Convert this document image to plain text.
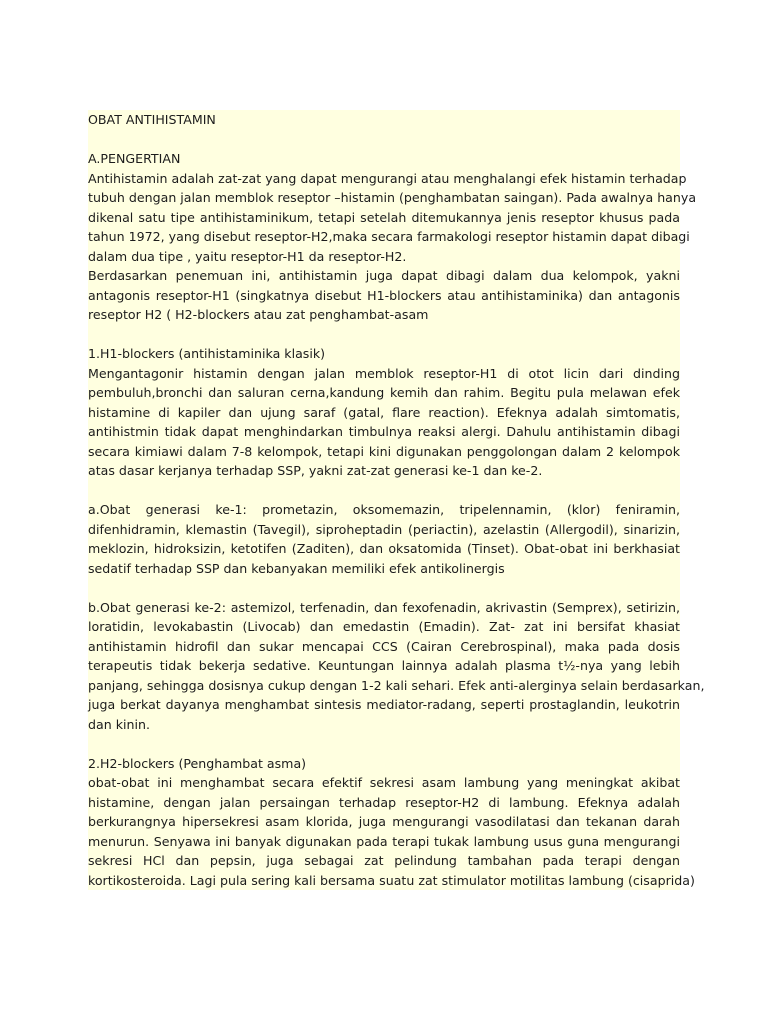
OBAT ANTIHISTAMIN
A.PENGERTIAN
Antihistamin adalah zat-zat yang dapat mengurangi atau menghalangi efek histamin terhadap
tubuh dengan jalan memblok reseptor –histamin (penghambatan saingan). Pada awalnya hanya
dikenal satu tipe antihistaminikum, tetapi setelah ditemukannya jenis reseptor khusus pada
tahun 1972, yang disebut reseptor-H2,maka secara farmakologi reseptor histamin dapat dibagi
dalam dua tipe , yaitu reseptor-H1 da reseptor-H2.
Berdasarkan penemuan ini, antihistamin juga dapat dibagi dalam dua kelompok, yakni
antagonis reseptor-H1 (singkatnya disebut H1-blockers atau antihistaminika) dan antagonis
reseptor H2 ( H2-blockers atau zat penghambat-asam
1.H1-blockers (antihistaminika klasik)
Mengantagonir histamin dengan jalan memblok reseptor-H1 di otot licin dari dinding
pembuluh,bronchi dan saluran cerna,kandung kemih dan rahim. Begitu pula melawan efek
histamine di kapiler dan ujung saraf (gatal, flare reaction). Efeknya adalah simtomatis,
antihistmin tidak dapat menghindarkan timbulnya reaksi alergi. Dahulu antihistamin dibagi
secara kimiawi dalam 7-8 kelompok, tetapi kini digunakan penggolongan dalam 2 kelompok
atas dasar kerjanya terhadap SSP, yakni zat-zat generasi ke-1 dan ke-2.
a.Obat generasi ke-1: prometazin, oksomemazin, tripelennamin, (klor) feniramin,
difenhidramin, klemastin (Tavegil), siproheptadin (periactin), azelastin (Allergodil), sinarizin,
meklozin, hidroksizin, ketotifen (Zaditen), dan oksatomida (Tinset). Obat-obat ini berkhasiat
sedatif terhadap SSP dan kebanyakan memiliki efek antikolinergis
b.Obat generasi ke-2: astemizol, terfenadin, dan fexofenadin, akrivastin (Semprex), setirizin,
loratidin, levokabastin (Livocab) dan emedastin (Emadin). Zat- zat ini bersifat khasiat
antihistamin hidrofil dan sukar mencapai CCS (Cairan Cerebrospinal), maka pada dosis
terapeutis tidak bekerja sedative. Keuntungan lainnya adalah plasma t½-nya yang lebih
panjang, sehingga dosisnya cukup dengan 1-2 kali sehari. Efek anti-alerginya selain berdasarkan,
juga berkat dayanya menghambat sintesis mediator-radang, seperti prostaglandin, leukotrin
dan kinin.
2.H2-blockers (Penghambat asma)
obat-obat ini menghambat secara efektif sekresi asam lambung yang meningkat akibat
histamine, dengan jalan persaingan terhadap reseptor-H2 di lambung. Efeknya adalah
berkurangnya hipersekresi asam klorida, juga mengurangi vasodilatasi dan tekanan darah
menurun. Senyawa ini banyak digunakan pada terapi tukak lambung usus guna mengurangi
sekresi HCl dan pepsin, juga sebagai zat pelindung tambahan pada terapi dengan
kortikosteroida. Lagi pula sering kali bersama suatu zat stimulator motilitas lambung (cisaprida)
